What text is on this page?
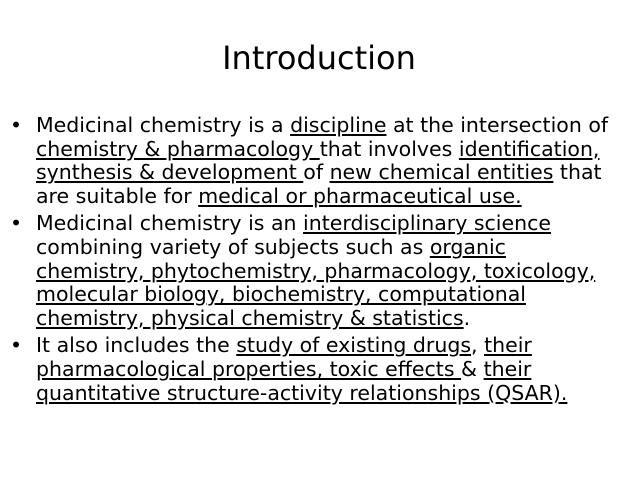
Introduction
• Medicinal chemistry is a discipline at the intersection of chemistry & pharmacology that involves identification, synthesis & development of new chemical entities that are suitable for medical or pharmaceutical use.
• Medicinal chemistry is an interdisciplinary science combining variety of subjects such as organic chemistry, phytochemistry, pharmacology, toxicology, molecular biology, biochemistry, computational chemistry, physical chemistry & statistics.
• It also includes the study of existing drugs, their pharmacological properties, toxic effects & their quantitative structure-activity relationships (QSAR).
